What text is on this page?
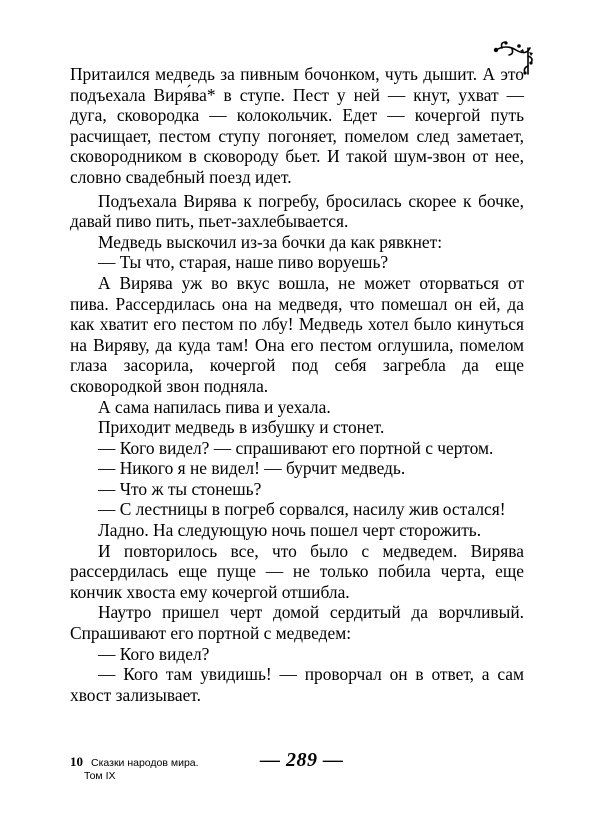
Притаился медведь за пивным бочонком, чуть дышит. А это подъехала Виря́ва* в ступе. Пест у ней — кнут, ухват — дуга, сковородка — колокольчик. Едет — кочергой путь расчищает, пестом ступу погоняет, помелом след заметает, сковородником в сковороду бьет. И такой шум-звон от нее, словно свадебный поезд идет.

Подъехала Вирява к погребу, бросилась скорее к бочке, давай пиво пить, пьет-захлебывается.

Медведь выскочил из-за бочки да как рявкнет:

— Ты что, старая, наше пиво воруешь?

А Вирява уж во вкус вошла, не может оторваться от пива. Рассердилась она на медведя, что помешал он ей, да как хватит его пестом по лбу! Медведь хотел было кинуться на Виряву, да куда там! Она его пестом оглушила, помелом глаза засорила, кочергой под себя загребла да еще сковородкой звон подняла.

А сама напилась пива и уехала.

Приходит медведь в избушку и стонет.

— Кого видел? — спрашивают его портной с чертом.

— Никого я не видел! — бурчит медведь.

— Что ж ты стонешь?

— С лестницы в погреб сорвался, насилу жив остался!

Ладно. На следующую ночь пошел черт сторожить.

И повторилось все, что было с медведем. Вирява рассердилась еще пуще — не только побила черта, еще кончик хвоста ему кочергой отшибла.

Наутро пришел черт домой сердитый да ворчливый. Спрашивают его портной с медведем:

— Кого видел?

— Кого там увидишь! — проворчал он в ответ, а сам хвост зализывает.

10 Сказки народов мира.
Том IX
— 289 —
